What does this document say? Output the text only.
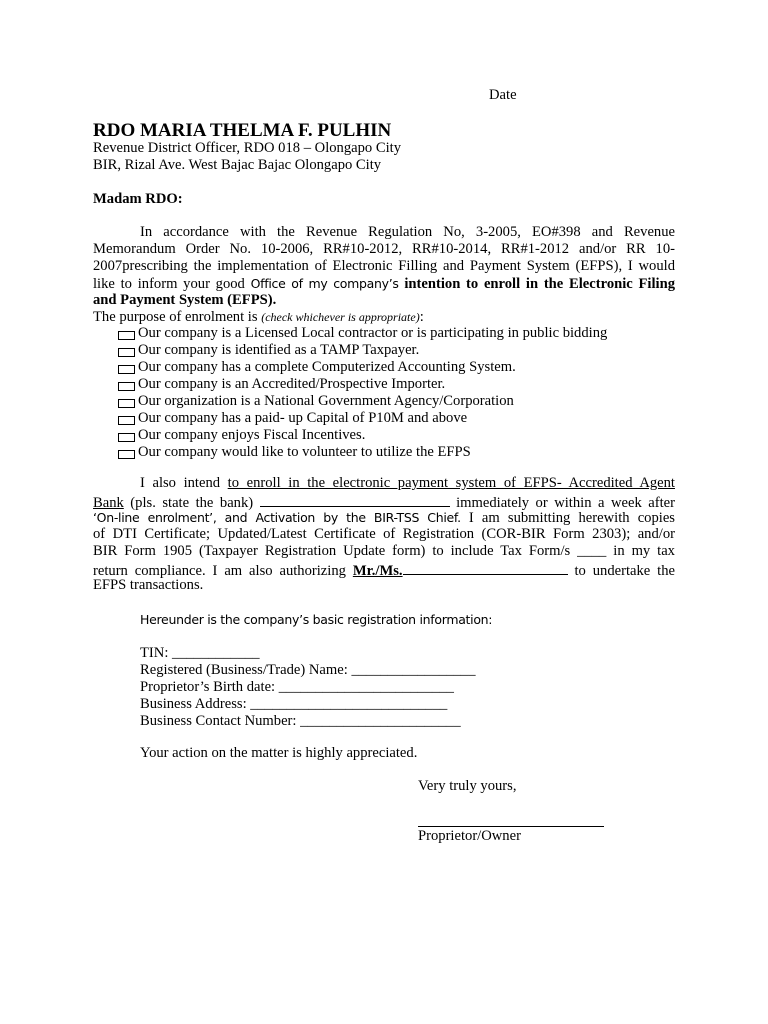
Date
RDO MARIA THELMA F. PULHIN
Revenue District Officer, RDO 018 – Olongapo City
BIR, Rizal Ave. West Bajac Bajac Olongapo City
Madam RDO:
In accordance with the Revenue Regulation No, 3-2005, EO#398 and Revenue
Memorandum Order No. 10-2006, RR#10-2012, RR#10-2014, RR#1-2012 and/or RR 10-
2007prescribing the implementation of Electronic Filling and Payment System (EFPS), I would
like to inform your good Office of my company’s intention to enroll in the Electronic Filing
and Payment System (EFPS).
The purpose of enrolment is (check whichever is appropriate):
Our company is a Licensed Local contractor or is participating in public bidding
Our company is identified as a TAMP Taxpayer.
Our company has a complete Computerized Accounting System.
Our company is an Accredited/Prospective Importer.
Our organization is a National Government Agency/Corporation
Our company has a paid- up Capital of P10M and above
Our company enjoys Fiscal Incentives.
Our company would like to volunteer to utilize the EFPS
I also intend to enroll in the electronic payment system of EFPS- Accredited Agent
Bank (pls. state the bank)	immediately or within a week after
‘On-line enrolment’, and Activation by the BIR-TSS Chief. I am submitting herewith copies
of DTI Certificate; Updated/Latest Certificate of Registration (COR-BIR Form 2303); and/or
BIR Form 1905 (Taxpayer Registration Update form) to include Tax Form/s ____ in my tax
return compliance. I am also authorizing Mr./Ms.	to undertake the
EFPS transactions.
Hereunder is the company’s basic registration information:
TIN: ____________
Registered (Business/Trade) Name: _________________
Proprietor’s Birth date: ________________________
Business Address: ___________________________
Business Contact Number: ______________________
Your action on the matter is highly appreciated.
Very truly yours,
Proprietor/Owner
